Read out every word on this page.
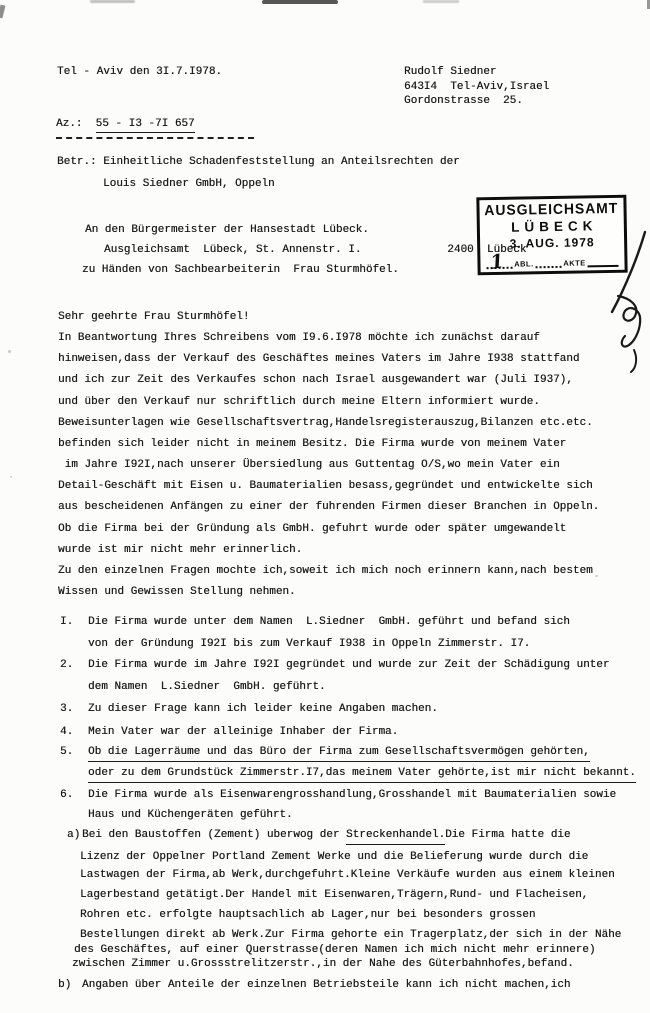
Tel - Aviv den 3I.7.I978.	Rudolf Siedner
643I4  Tel-Aviv,Israel
Gordonstrasse  25.
Az.:  55 - I3 -7I 657
Betr.: Einheitliche Schadenfeststellung an Anteilsrechten der
Louis Siedner GmbH, Oppeln
AUSGLEICHSAMT
LÜBECK
3. AUG. 1978
1 ABL.	AKTE
An den Bürgermeister der Hansestadt Lübeck.
Ausgleichsamt  Lübeck, St. Annenstr. I.             2400  Lübeck
zu Händen von Sachbearbeiterin  Frau Sturmhöfel.
Sehr geehrte Frau Sturmhöfel!
In Beantwortung Ihres Schreibens vom I9.6.I978 möchte ich zunächst darauf
hinweisen,dass der Verkauf des Geschäftes meines Vaters im Jahre I938 stattfand
und ich zur Zeit des Verkaufes schon nach Israel ausgewandert war (Juli I937),
und über den Verkauf nur schriftlich durch meine Eltern informiert wurde.
Beweisunterlagen wie Gesellschaftsvertrag,Handelsregisterauszug,Bilanzen etc.etc.
befinden sich leider nicht in meinem Besitz. Die Firma wurde von meinem Vater
im Jahre I92I,nach unserer Übersiedlung aus Guttentag O/S,wo mein Vater ein
Detail-Geschäft mit Eisen u. Baumaterialien besass,gegründet und entwickelte sich
aus bescheidenen Anfängen zu einer der fuhrenden Firmen dieser Branchen in Oppeln.
Ob die Firma bei der Gründung als GmbH. gefuhrt wurde oder später umgewandelt
wurde ist mir nicht mehr erinnerlich.
Zu den einzelnen Fragen mochte ich,soweit ich mich noch erinnern kann,nach bestem
Wissen und Gewissen Stellung nehmen.
I. Die Firma wurde unter dem Namen  L.Siedner  GmbH. geführt und befand sich
von der Gründung I92I bis zum Verkauf I938 in Oppeln Zimmerstr. I7.
2. Die Firma wurde im Jahre I92I gegründet und wurde zur Zeit der Schädigung unter
dem Namen  L.Siedner  GmbH. geführt.
3. Zu dieser Frage kann ich leider keine Angaben machen.
4. Mein Vater war der alleinige Inhaber der Firma.
5. Ob die Lagerräume und das Büro der Firma zum Gesellschaftsvermögen gehörten,
oder zu dem Grundstück Zimmerstr.I7,das meinem Vater gehörte,ist mir nicht bekannt.
6. Die Firma wurde als Eisenwarengrosshandlung,Grosshandel mit Baumaterialien sowie
Haus und Küchengeräten geführt.
a) Bei den Baustoffen (Zement) uberwog der Streckenhandel.Die Firma hatte die
Lizenz der Oppelner Portland Zement Werke und die Belieferung wurde durch die
Lastwagen der Firma,ab Werk,durchgefuhrt.Kleine Verkäufe wurden aus einem kleinen
Lagerbestand getätigt.Der Handel mit Eisenwaren,Trägern,Rund- und Flacheisen,
Rohren etc. erfolgte hauptsachlich ab Lager,nur bei besonders grossen
Bestellungen direkt ab Werk.Zur Firma gehorte ein Tragerplatz,der sich in der Nähe
des Geschäftes, auf einer Querstrasse(deren Namen ich mich nicht mehr erinnere)
zwischen Zimmer u.Grossstrelitzerstr.,in der Nahe des Güterbahnhofes,befand.
b) Angaben über Anteile der einzelnen Betriebsteile kann ich nicht machen,ich
